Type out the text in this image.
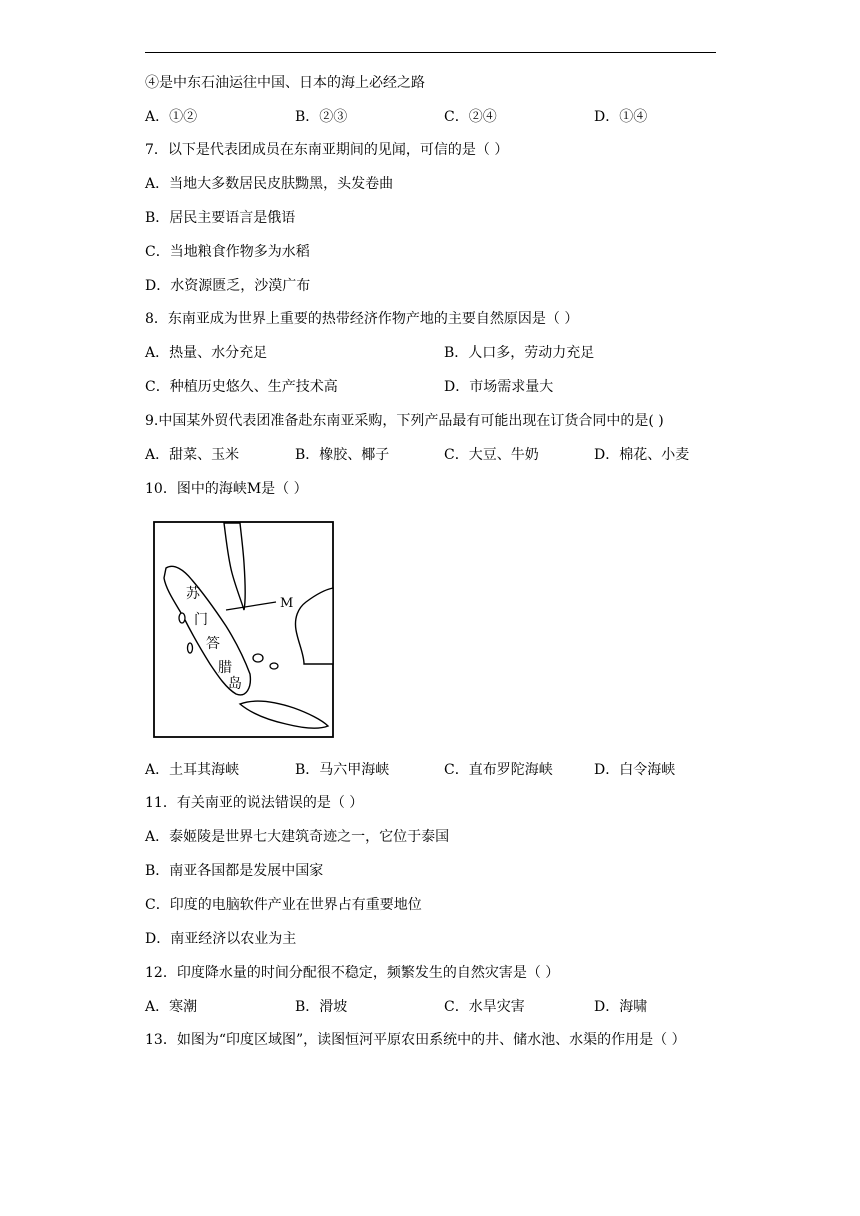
④是中东石油运往中国、日本的海上必经之路
A．①②	B．②③	C．②④	D．①④
7．以下是代表团成员在东南亚期间的见闻，可信的是（ ）
A．当地大多数居民皮肤黝黑，头发卷曲
B．居民主要语言是俄语
C．当地粮食作物多为水稻
D．水资源匮乏，沙漠广布
8．东南亚成为世界上重要的热带经济作物产地的主要自然原因是（ ）
A．热量、水分充足	B．人口多，劳动力充足
C．种植历史悠久、生产技术高	D．市场需求量大
9.中国某外贸代表团准备赴东南亚采购，下列产品最有可能出现在订货合同中的是( )
A．甜菜、玉米	B．橡胶、椰子	C．大豆、牛奶	D．棉花、小麦
10．图中的海峡M是（ ）
M
苏
门
答
腊
岛
A．土耳其海峡	B．马六甲海峡	C．直布罗陀海峡	D．白令海峡
11．有关南亚的说法错误的是（ ）
A．泰姬陵是世界七大建筑奇迹之一，它位于泰国
B．南亚各国都是发展中国家
C．印度的电脑软件产业在世界占有重要地位
D．南亚经济以农业为主
12．印度降水量的时间分配很不稳定，频繁发生的自然灾害是（ ）
A．寒潮	B．滑坡	C．水旱灾害	D．海啸
13．如图为“印度区域图”，读图恒河平原农田系统中的井、储水池、水渠的作用是（ ）
